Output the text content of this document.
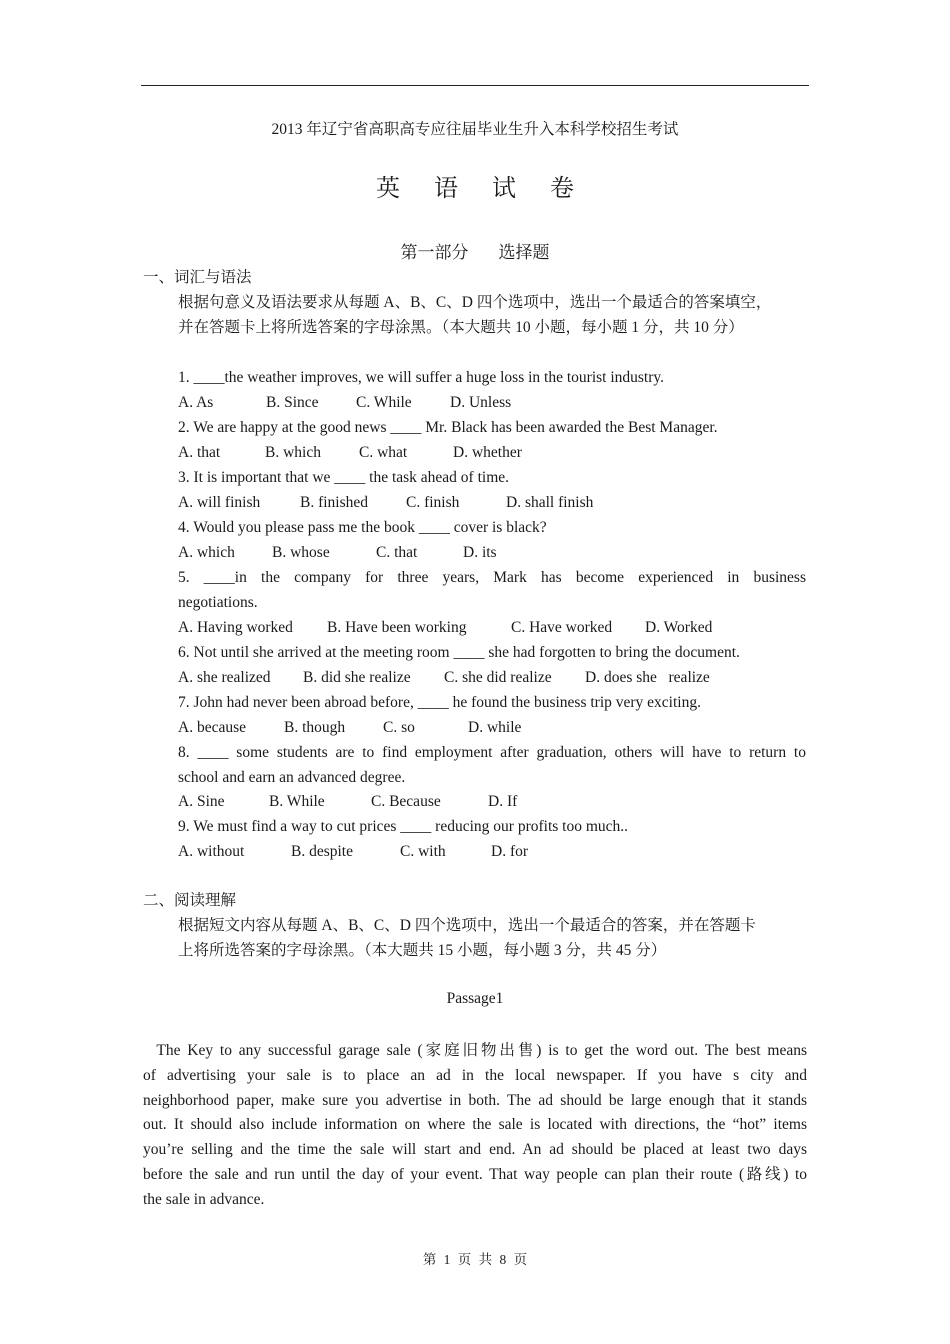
2013 年辽宁省高职高专应往届毕业生升入本科学校招生考试
英 语 试 卷
第一部分 选择题
一、词汇与语法
根据句意义及语法要求从每题 A、B、C、D 四个选项中，选出一个最适合的答案填空，
并在答题卡上将所选答案的字母涂黑。（本大题共 10 小题，每小题 1 分，共 10 分）
1. ____the weather improves, we will suffer a huge loss in the tourist industry.
A. As	B. Since C. While D. Unless
2. We are happy at the good news ____ Mr. Black has been awarded the Best Manager.
A. that	B. which C. what	D. whether
3. It is important that we ____ the task ahead of time.
A. will finish	B. finished C. finish	D. shall finish
4. Would you please pass me the book ____ cover is black?
A. which B. whose	C. that	D. its
5. ____in the company for three years, Mark has become experienced in business
negotiations.
A. Having worked B. Have been working	C. Have worked D. Worked
6. Not until she arrived at the meeting room ____ she had forgotten to bring the document.
A. she realized B. did she realize C. she did realize D. does she   realize
7. John had never been abroad before, ____ he found the business trip very exciting.
A. because B. though C. so	D. while
8. ____ some students are to find employment after graduation, others will have to return to
school and earn an advanced degree.
A. Sine	B. While	C. Because	D. If
9. We must find a way to cut prices ____ reducing our profits too much..
A. without	B. despite	C. with	D. for
二、阅读理解
根据短文内容从每题 A、B、C、D 四个选项中，选出一个最适合的答案，并在答题卡
上将所选答案的字母涂黑。（本大题共 15 小题，每小题 3 分，共 45 分）
Passage1
The Key to any successful garage sale (家庭旧物出售) is to get the word out. The best means
of advertising your sale is to place an ad in the local newspaper. If you have s city and
neighborhood paper, make sure you advertise in both. The ad should be large enough that it stands
out. It should also include information on where the sale is located with directions, the “hot” items
you’re selling and the time the sale will start and end. An ad should be placed at least two days
before the sale and run until the day of your event. That way people can plan their route (路线) to
the sale in advance.
第 1 页 共 8 页
